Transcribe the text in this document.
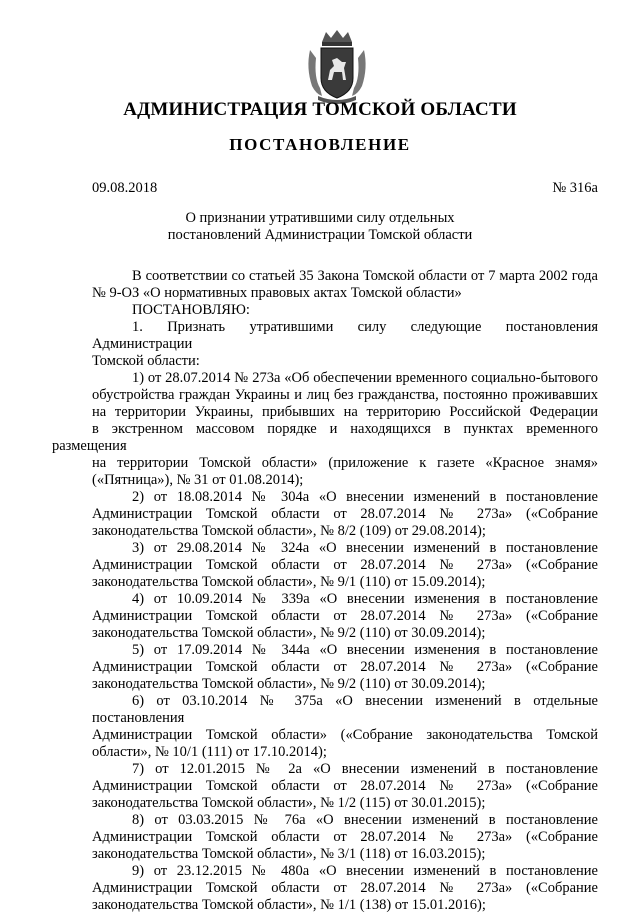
АДМИНИСТРАЦИЯ ТОМСКОЙ ОБЛАСТИ
ПОСТАНОВЛЕНИЕ
09.08.2018	№ 316а
О признании утратившими силу отдельных
постановлений Администрации Томской области
В соответствии со статьей 35 Закона Томской области от 7 марта 2002 года
№ 9-ОЗ «О нормативных правовых актах Томской области»
ПОСТАНОВЛЯЮ:
1. Признать утратившими силу следующие постановления Администрации
Томской области:
1) от 28.07.2014 № 273а «Об обеспечении временного социально-бытового
обустройства граждан Украины и лиц без гражданства, постоянно проживавших
на территории Украины, прибывших на территорию Российской Федерации
в экстренном массовом порядке и находящихся в пунктах временного размещения
на территории Томской области» (приложение к газете «Красное знамя»
(«Пятница»), № 31 от 01.08.2014);
2) от 18.08.2014 № 304а «О внесении изменений в постановление
Администрации Томской области от 28.07.2014 № 273а» («Собрание
законодательства Томской области», № 8/2 (109) от 29.08.2014);
3) от 29.08.2014 № 324а «О внесении изменений в постановление
Администрации Томской области от 28.07.2014 № 273а» («Собрание
законодательства Томской области», № 9/1 (110) от 15.09.2014);
4) от 10.09.2014 № 339а «О внесении изменения в постановление
Администрации Томской области от 28.07.2014 № 273а» («Собрание
законодательства Томской области», № 9/2 (110) от 30.09.2014);
5) от 17.09.2014 № 344а «О внесении изменения в постановление
Администрации Томской области от 28.07.2014 № 273а» («Собрание
законодательства Томской области», № 9/2 (110) от 30.09.2014);
6) от 03.10.2014 № 375а «О внесении изменений в отдельные постановления
Администрации Томской области» («Собрание законодательства Томской
области», № 10/1 (111) от 17.10.2014);
7) от 12.01.2015 № 2а «О внесении изменений в постановление
Администрации Томской области от 28.07.2014 № 273а» («Собрание
законодательства Томской области», № 1/2 (115) от 30.01.2015);
8) от 03.03.2015 № 76а «О внесении изменений в постановление
Администрации Томской области от 28.07.2014 № 273а» («Собрание
законодательства Томской области», № 3/1 (118) от 16.03.2015);
9) от 23.12.2015 № 480а «О внесении изменений в постановление
Администрации Томской области от 28.07.2014 № 273а» («Собрание
законодательства Томской области», № 1/1 (138) от 15.01.2016);
